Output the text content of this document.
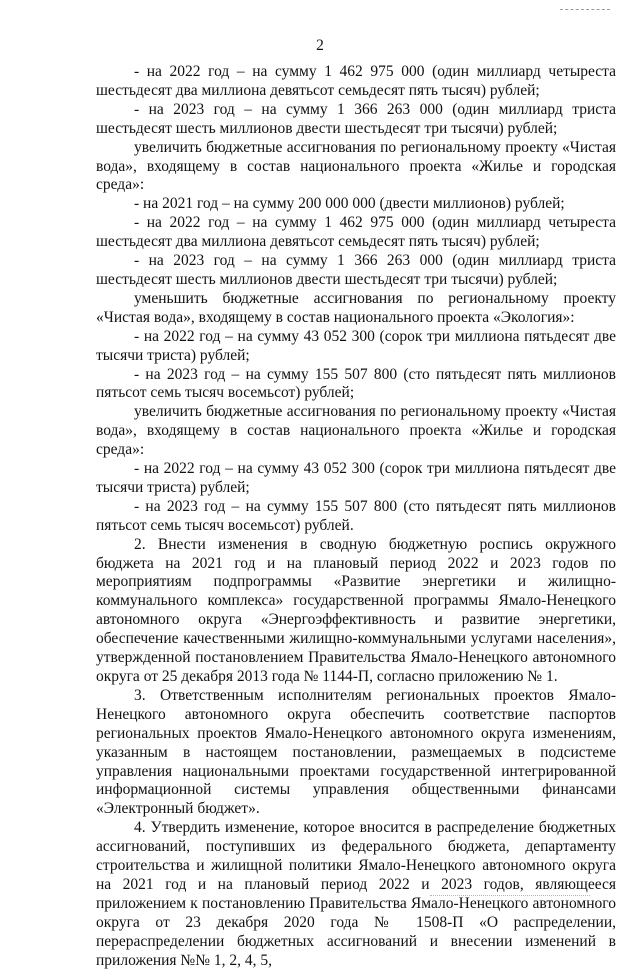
2

- на 2022 год – на сумму 1 462 975 000 (один миллиард четыреста шестьдесят два миллиона девятьсот семьдесят пять тысяч) рублей;

- на 2023 год – на сумму 1 366 263 000 (один миллиард триста шестьдесят шесть миллионов двести шестьдесят три тысячи) рублей;

увеличить бюджетные ассигнования по региональному проекту «Чистая вода», входящему в состав национального проекта «Жилье и городская среда»:

- на 2021 год – на сумму 200 000 000 (двести миллионов) рублей;

- на 2022 год – на сумму 1 462 975 000 (один миллиард четыреста шестьдесят два миллиона девятьсот семьдесят пять тысяч) рублей;

- на 2023 год – на сумму 1 366 263 000 (один миллиард триста шестьдесят шесть миллионов двести шестьдесят три тысячи) рублей;

уменьшить бюджетные ассигнования по региональному проекту «Чистая вода», входящему в состав национального проекта «Экология»:

- на 2022 год – на сумму 43 052 300 (сорок три миллиона пятьдесят две тысячи триста) рублей;

- на 2023 год – на сумму 155 507 800 (сто пятьдесят пять миллионов пятьсот семь тысяч восемьсот) рублей;

увеличить бюджетные ассигнования по региональному проекту «Чистая вода», входящему в состав национального проекта «Жилье и городская среда»:

- на 2022 год – на сумму 43 052 300 (сорок три миллиона пятьдесят две тысячи триста) рублей;

- на 2023 год – на сумму 155 507 800 (сто пятьдесят пять миллионов пятьсот семь тысяч восемьсот) рублей.

2. Внести изменения в сводную бюджетную роспись окружного бюджета на 2021 год и на плановый период 2022 и 2023 годов по мероприятиям подпрограммы «Развитие энергетики и жилищно-коммунального комплекса» государственной программы Ямало-Ненецкого автономного округа «Энергоэффективность и развитие энергетики, обеспечение качественными жилищно-коммунальными услугами населения», утвержденной постановлением Правительства Ямало-Ненецкого автономного округа от 25 декабря 2013 года № 1144-П, согласно приложению № 1.

3. Ответственным исполнителям региональных проектов Ямало-Ненецкого автономного округа обеспечить соответствие паспортов региональных проектов Ямало-Ненецкого автономного округа изменениям, указанным в настоящем постановлении, размещаемых в подсистеме управления национальными проектами государственной интегрированной информационной системы управления общественными финансами «Электронный бюджет».

4. Утвердить изменение, которое вносится в распределение бюджетных ассигнований, поступивших из федерального бюджета, департаменту строительства и жилищной политики Ямало-Ненецкого автономного округа на 2021 год и на плановый период 2022 и 2023 годов, являющееся приложением к постановлению Правительства Ямало-Ненецкого автономного округа от 23 декабря 2020 года № 1508-П «О распределении, перераспределении бюджетных ассигнований и внесении изменений в приложения №№ 1, 2, 4, 5,
